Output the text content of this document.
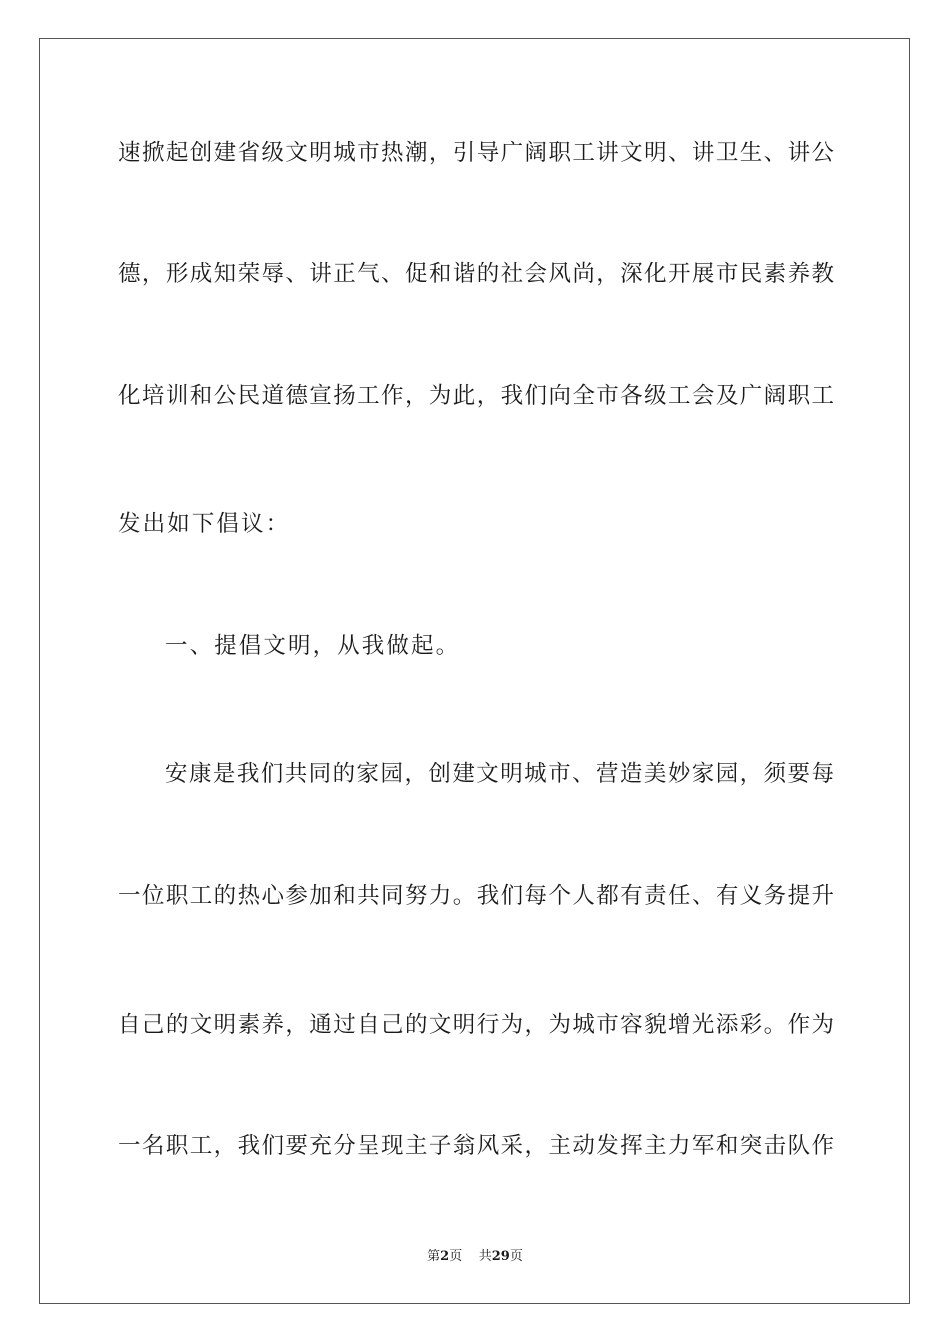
速掀起创建省级文明城市热潮，引导广阔职工讲文明、讲卫生、讲公
德，形成知荣辱、讲正气、促和谐的社会风尚，深化开展市民素养教
化培训和公民道德宣扬工作，为此，我们向全市各级工会及广阔职工
发出如下倡议：
一、提倡文明，从我做起。
安康是我们共同的家园，创建文明城市、营造美妙家园，须要每
一位职工的热心参加和共同努力。我们每个人都有责任、有义务提升
自己的文明素养，通过自己的文明行为，为城市容貌增光添彩。作为
一名职工，我们要充分呈现主子翁风采，主动发挥主力军和突击队作
第2页 共29页
